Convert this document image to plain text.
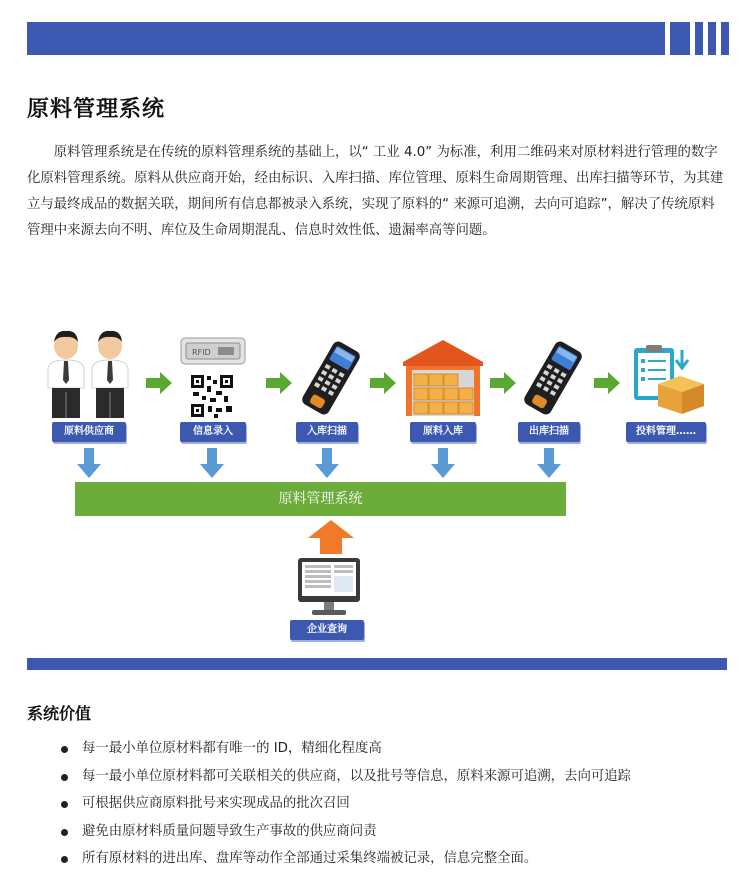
原料管理系统

原料管理系统是在传统的原料管理系统的基础上，以“ 工业 4.0” 为标准，利用二维码来对原材料进行管理的数字化原料管理系统。原料从供应商开始，经由标识、入库扫描、库位管理、原料生命周期管理、出库扫描等环节，为其建立与最终成品的数据关联，期间所有信息都被录入系统，实现了原料的“ 来源可追溯，去向可追踪”，解决了传统原料管理中来源去向不明、库位及生命周期混乱、信息时效性低、遗漏率高等问题。

原料供应商
RFID
信息录入	入库扫描	原料入库	出库扫描	投料管理……
原料管理系统
企业查询
系统价值
每一最小单位原材料都有唯一的 ID，精细化程度高
每一最小单位原材料都可关联相关的供应商，以及批号等信息，原料来源可追溯，去向可追踪
可根据供应商原料批号来实现成品的批次召回
避免由原材料质量问题导致生产事故的供应商问责
所有原材料的进出库、盘库等动作全部通过采集终端被记录，信息完整全面。
